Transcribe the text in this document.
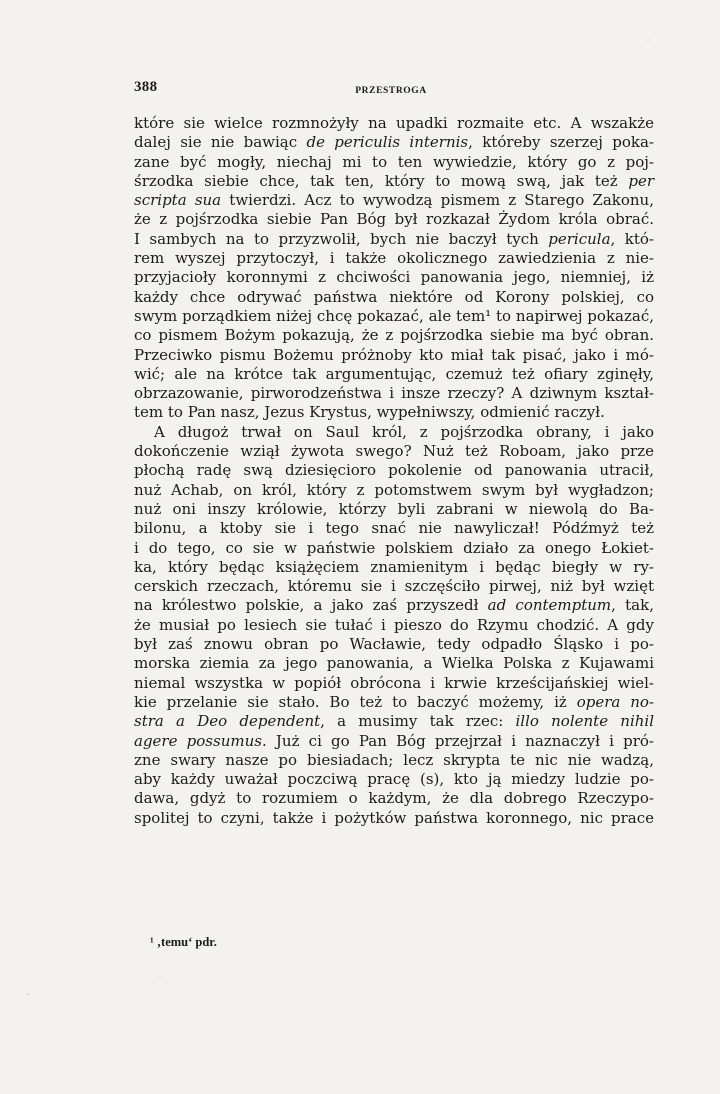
388	PRZESTROGA
które sie wielce rozmnożyły na upadki rozmaite etc. A wszakże
dalej sie nie bawiąc de periculis internis, któreby szerzej poka-
zane być mogły, niechaj mi to ten wywiedzie, który go z poj-
śrzodka siebie chce, tak ten, który to mową swą, jak też per
scripta sua twierdzi. Acz to wywodzą pismem z Starego Zakonu,
że z pojśrzodka siebie Pan Bóg był rozkazał Żydom króla obrać.
I sambych na to przyzwolił, bych nie baczył tych pericula, któ-
rem wyszej przytoczył, i także okolicznego zawiedzienia z nie-
przyjacioły koronnymi z chciwości panowania jego, niemniej, iż
każdy chce odrywać państwa niektóre od Korony polskiej, co
swym porządkiem niżej chcę pokazać, ale tem¹ to napirwej pokazać,
co pismem Bożym pokazują, że z pojśrzodka siebie ma być obran.
Przeciwko pismu Bożemu próżnoby kto miał tak pisać, jako i mó-
wić; ale na krótce tak argumentując, czemuż też ofiary zginęły,
obrzazowanie, pirworodzeństwa i insze rzeczy? A dziwnym kształ-
tem to Pan nasz, Jezus Krystus, wypełniwszy, odmienić raczył.
A długoż trwał on Saul król, z pojśrzodka obrany, i jako
dokończenie wziął żywota swego? Nuż też Roboam, jako prze
płochą radę swą dziesięcioro pokolenie od panowania utracił,
nuż Achab, on król, który z potomstwem swym był wygładzon;
nuż oni inszy królowie, którzy byli zabrani w niewolą do Ba-
bilonu, a ktoby sie i tego snać nie nawyliczał! Pódźmyż też
i do tego, co sie w państwie polskiem działo za onego Łokiet-
ka, który będąc książęciem znamienitym i będąc biegły w ry-
cerskich rzeczach, któremu sie i szczęściło pirwej, niż był wzięt
na królestwo polskie, a jako zaś przyszedł ad contemptum, tak,
że musiał po lesiech sie tułać i pieszo do Rzymu chodzić. A gdy
był zaś znowu obran po Wacławie, tedy odpadło Śląsko i po-
morska ziemia za jego panowania, a Wielka Polska z Kujawami
niemal wszystka w popiół obrócona i krwie krześcijańskiej wiel-
kie przelanie sie stało. Bo też to baczyć możemy, iż opera no-
stra a Deo dependent, a musimy tak rzec: illo nolente nihil
agere possumus. Już ci go Pan Bóg przejrzał i naznaczył i pró-
zne swary nasze po biesiadach; lecz skrypta te nic nie wadzą,
aby każdy uważał poczciwą pracę (s), kto ją miedzy ludzie po-
dawa, gdyż to rozumiem o każdym, że dla dobrego Rzeczypo-
spolitej to czyni, także i pożytków państwa koronnego, nic prace
¹ ‚temu‘ pdr.
